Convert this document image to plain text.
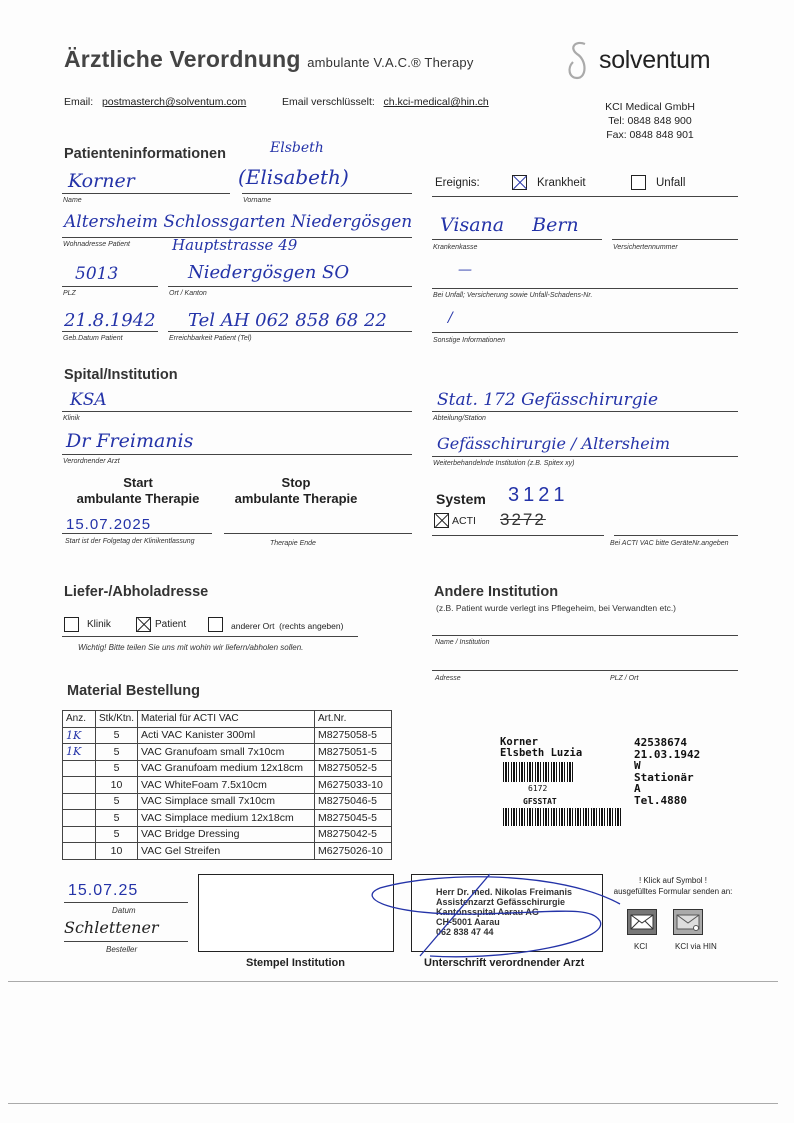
Ärztliche Verordnung ambulante V.A.C.® Therapy
Email: postmasterch@solventum.com	Email verschlüsselt: ch.kci-medical@hin.ch
solventum
KCI Medical GmbH
Tel: 0848 848 900
Fax: 0848 848 901
Patienteninformationen	Elsbeth
Korner
Name
(Elisabeth)
Vorname
Altersheim Schlossgarten Niedergösgen
Wohnadresse Patient	Hauptstrasse 49
5013
PLZ
Niedergösgen SO
Ort / Kanton
21.8.1942
Geb.Datum Patient
Tel AH 062 858 68 22
Erreichbarkeit Patient (Tel)
Ereignis:	Krankheit	Unfall
Visana Bern
Krankenkasse	Versichertennummer
—
Bei Unfall; Versicherung sowie Unfall-Schadens-Nr.
/
Sonstige Informationen
Spital/Institution
KSA
Klinik
Dr Freimanis
Verordnender Arzt
Stat. 172 Gefässchirurgie
Abteilung/Station
Gefässchirurgie / Altersheim
Weiterbehandelnde Institution (z.B. Spitex xy)
Start
ambulante Therapie
Stop
ambulante Therapie
15.07.2025
Start ist der Folgetag der Klinikentlassung	Therapie Ende
System 3121
ACTI 3272
Bei ACTI VAC bitte GeräteNr.angeben
Liefer-/Abholadresse
Klinik	Patient	anderer Ort  (rechts angeben)
Wichtig! Bitte teilen Sie uns mit wohin wir liefern/abholen sollen.
Andere Institution
(z.B. Patient wurde verlegt ins Pflegeheim, bei Verwandten etc.)
Name / Institution
Adresse	PLZ / Ort
Material Bestellung
Anz.	Stk/Ktn.	Material für ACTI VAC	Art.Nr.
1K	5	Acti VAC Kanister 300ml	M8275058-5
1K	5	VAC Granufoam small 7x10cm	M8275051-5
	5	VAC Granufoam medium 12x18cm	M8275052-5
	10	VAC WhiteFoam 7.5x10cm	M6275033-10
	5	VAC Simplace small 7x10cm	M8275046-5
	5	VAC Simplace medium 12x18cm	M8275045-5
	5	VAC Bridge Dressing	M8275042-5
	10	VAC Gel Streifen	M6275026-10
Korner
Elsbeth Luzia
6172
GFSSTAT
42538674
21.03.1942
W
Stationär
A
Tel.4880
15.07.25
Datum
Schlettener
Besteller
Stempel Institution
Herr Dr. med. Nikolas Freimanis
Assistenzarzt Gefässchirurgie
Kantonsspital Aarau AG
CH-5001 Aarau
062 838 47 44
Unterschrift verordnender Arzt
! Klick auf Symbol !
ausgefülltes Formular senden an:
KCI	KCI via HIN
